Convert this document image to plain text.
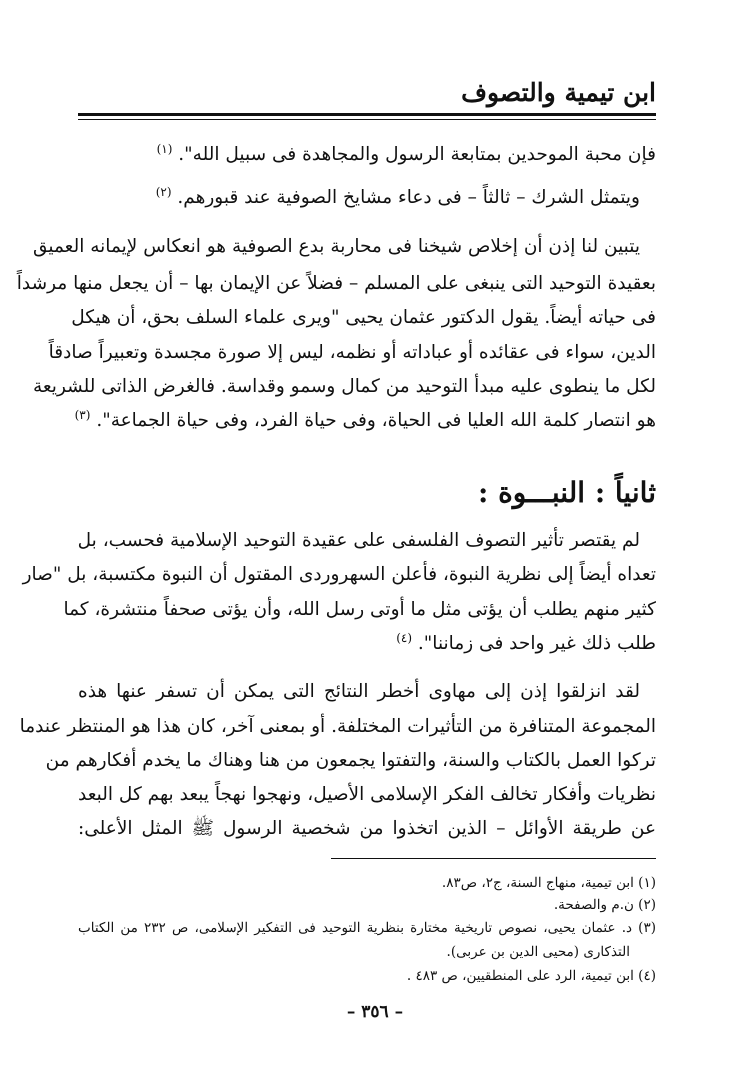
ابن تيمية والتصوف
فإن محبة الموحدين بمتابعة الرسول والمجاهدة فى سبيل الله". $^{(١)}$
ويتمثل الشرك – ثالثاً – فى دعاء مشايخ الصوفية عند قبورهم. $^{(٢)}$
يتبين لنا إذن أن إخلاص شيخنا فى محاربة بدع الصوفية هو انعكاس لإيمانه العميق
بعقيدة التوحيد التى ينبغى على المسلم – فضلاً عن الإيمان بها – أن يجعل منها مرشداً
فى حياته أيضاً. يقول الدكتور عثمان يحيى "ويرى علماء السلف بحق، أن هيكل
الدين، سواء فى عقائده أو عباداته أو نظمه، ليس إلا صورة مجسدة وتعبيراً صادقاً
لكل ما ينطوى عليه مبدأ التوحيد من كمال وسمو وقداسة. فالغرض الذاتى للشريعة
هو انتصار كلمة الله العليا فى الحياة، وفى حياة الفرد، وفى حياة الجماعة". $^{(٣)}$
ثانياً : النبـــوة :
لم يقتصر تأثير التصوف الفلسفى على عقيدة التوحيد الإسلامية فحسب، بل
تعداه أيضاً إلى نظرية النبوة، فأعلن السهروردى المقتول أن النبوة مكتسبة، بل "صار
كثير منهم يطلب أن يؤتى مثل ما أوتى رسل الله، وأن يؤتى صحفاً منتشرة، كما
طلب ذلك غير واحد فى زماننا". $^{(٤)}$
لقد انزلقوا إذن إلى مهاوى أخطر النتائج التى يمكن أن تسفر عنها هذه
المجموعة المتنافرة من التأثيرات المختلفة. أو بمعنى آخر، كان هذا هو المنتظر عندما
تركوا العمل بالكتاب والسنة، والتفتوا يجمعون من هنا وهناك ما يخدم أفكارهم من
نظريات وأفكار تخالف الفكر الإسلامى الأصيل، ونهجوا نهجاً يبعد بهم كل البعد
عن طريقة الأوائل – الذين اتخذوا من شخصية الرسول ﷺ المثل الأعلى:
(١) ابن تيمية، منهاج السنة، ج٢، ص٨٣.
(٢) ن.م والصفحة.
(٣) د. عثمان يحيى، نصوص تاريخية مختارة بنظرية التوحيد فى التفكير الإسلامى، ص ٢٣٢ من الكتاب
التذكارى (محيى الدين بن عربى).
(٤) ابن تيمية، الرد على المنطقيين، ص ٤٨٣ .
– ٣٥٦ –
